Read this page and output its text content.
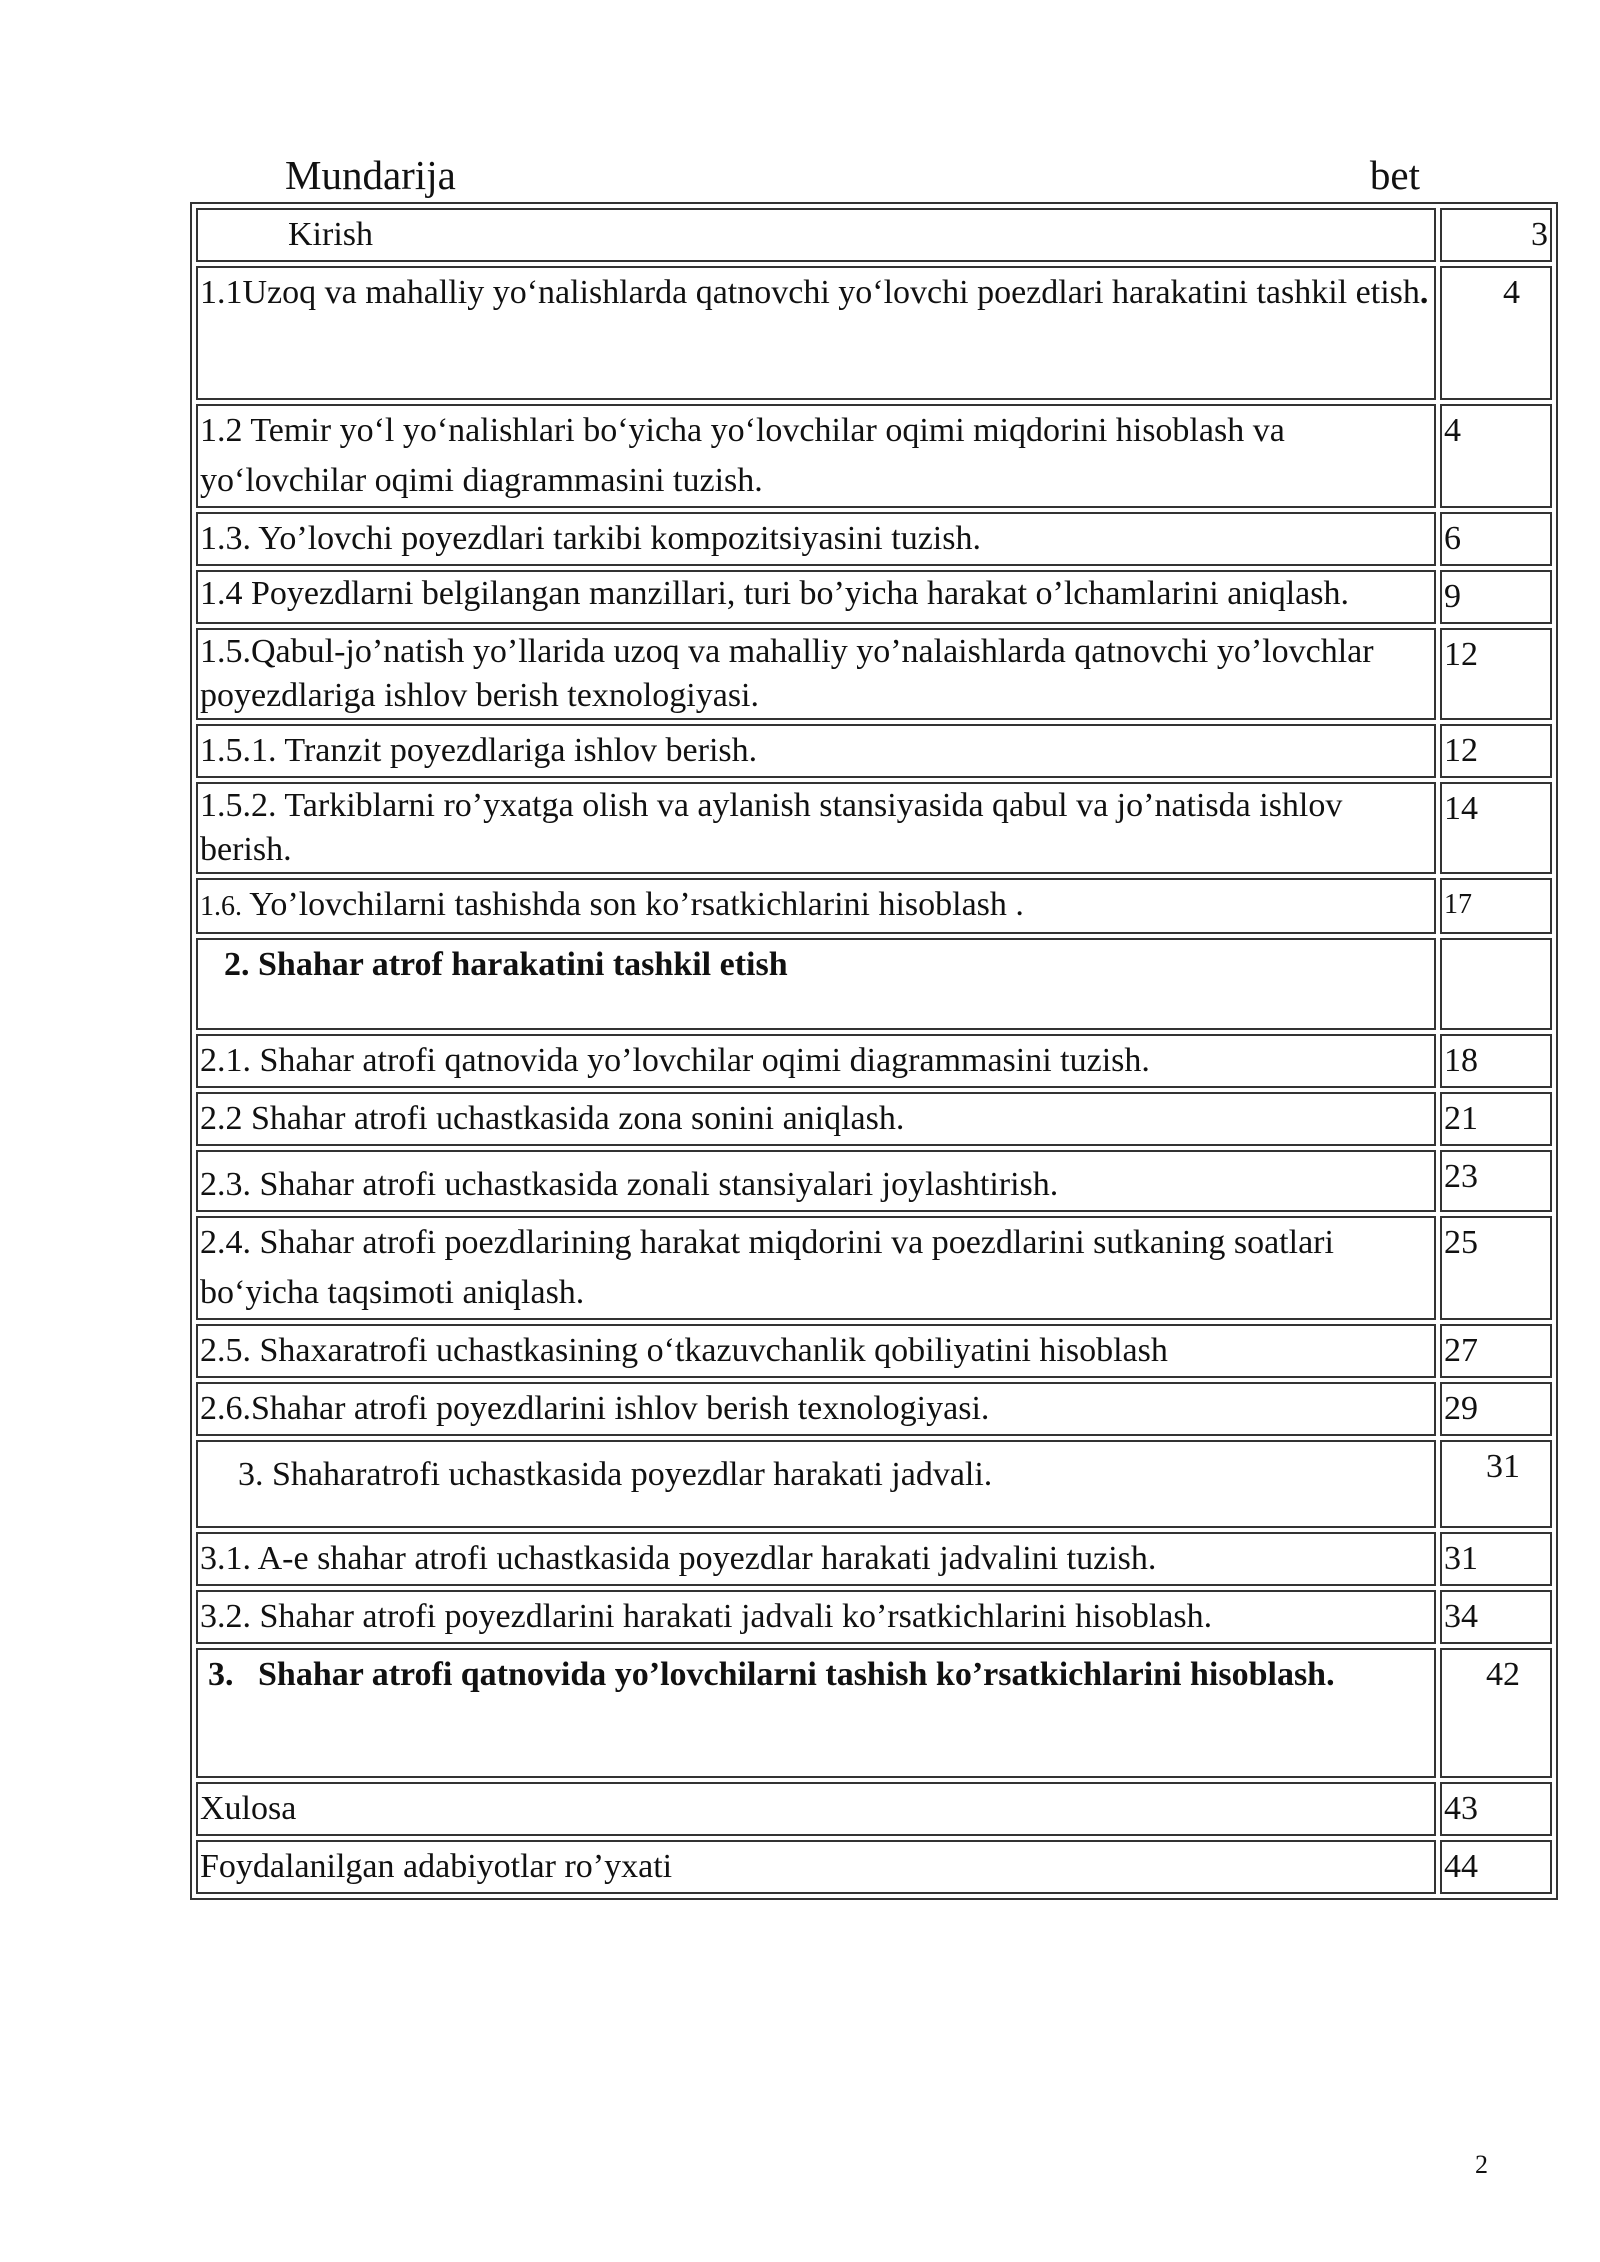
Mundarija	bet
Kirish	3
1.1Uzoq va mahalliy yo‘nalishlarda qatnovchi yo‘lovchi poezdlari harakatini tashkil etish.	4
1.2 Temir yo‘l yo‘nalishlari bo‘yicha yo‘lovchilar oqimi miqdorini hisoblash va yo‘lovchilar oqimi diagrammasini tuzish.	4
1.3. Yo’lovchi poyezdlari tarkibi kompozitsiyasini tuzish.	6
1.4 Poyezdlarni belgilangan manzillari, turi bo’yicha harakat o’lchamlarini aniqlash.	9
1.5.Qabul-jo’natish yo’llarida uzoq va mahalliy yo’nalaishlarda qatnovchi yo’lovchlar poyezdlariga ishlov berish texnologiyasi.	12
1.5.1. Tranzit poyezdlariga ishlov berish.	12
1.5.2. Tarkiblarni ro’yxatga olish va aylanish stansiyasida qabul va jo’natisda ishlov berish.	14
1.6. Yo’lovchilarni tashishda son ko’rsatkichlarini hisoblash .	17
2. Shahar atrof harakatini tashkil etish	
2.1. Shahar atrofi qatnovida yo’lovchilar oqimi diagrammasini tuzish.	18
2.2 Shahar atrofi uchastkasida zona sonini aniqlash.	21
2.3. Shahar atrofi uchastkasida zonali stansiyalari joylashtirish.	23
2.4. Shahar atrofi poezdlarining harakat miqdorini va poezdlarini sutkaning soatlari bo‘yicha taqsimoti aniqlash.	25
2.5. Shaxaratrofi uchastkasining o‘tkazuvchanlik qobiliyatini hisoblash	27
2.6.Shahar atrofi poyezdlarini ishlov berish texnologiyasi.	29
3. Shaharatrofi uchastkasida poyezdlar harakati jadvali.	31
3.1. A-e shahar atrofi uchastkasida poyezdlar harakati jadvalini tuzish.	31
3.2. Shahar atrofi poyezdlarini harakati jadvali ko’rsatkichlarini hisoblash.	34
3. Shahar atrofi qatnovida yo’lovchilarni tashish ko’rsatkichlarini hisoblash.	42
Xulosa	43
Foydalanilgan adabiyotlar ro’yxati	44
2
